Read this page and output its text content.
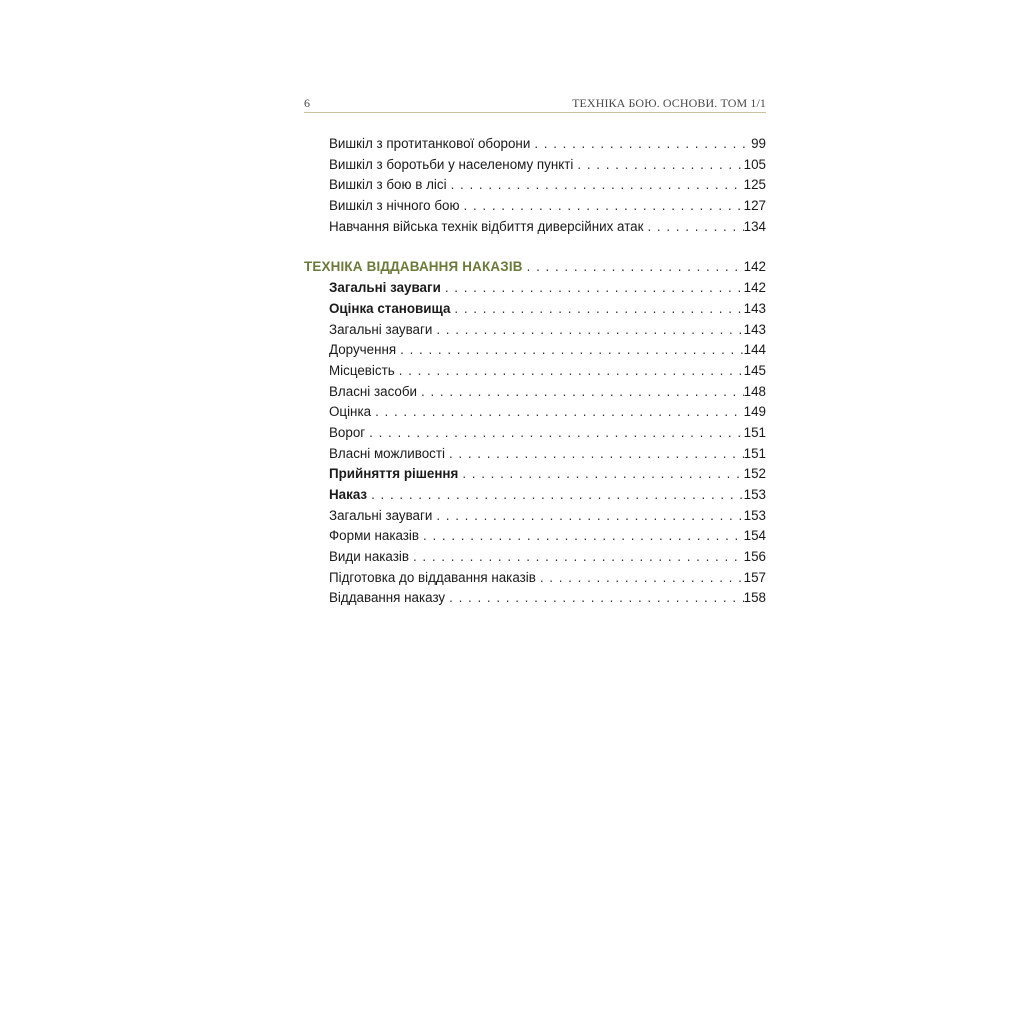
6	ТЕХНІКА БОЮ. ОСНОВИ. ТОМ 1/1
Вишкіл з протитанкової оборони . . .	99
Вишкіл з боротьби у населеному пункті . . .	105
Вишкіл з бою в лісі . . .	125
Вишкіл з нічного бою . . .	127
Навчання війська технік відбиття диверсійних атак . . .	134
ТЕХНІКА ВІДДАВАННЯ НАКАЗІВ . . .	142
Загальні зауваги . . .	142
Оцінка становища . . .	143
Загальні зауваги . . .	143
Доручення . . .	144
Місцевість . . .	145
Власні засоби . . .	148
Оцінка . . .	149
Ворог . . .	151
Власні можливості . . .	151
Прийняття рішення . . .	152
Наказ . . .	153
Загальні зауваги . . .	153
Форми наказів . . .	154
Види наказів . . .	156
Підготовка до віддавання наказів . . .	157
Віддавання наказу . . .	158
